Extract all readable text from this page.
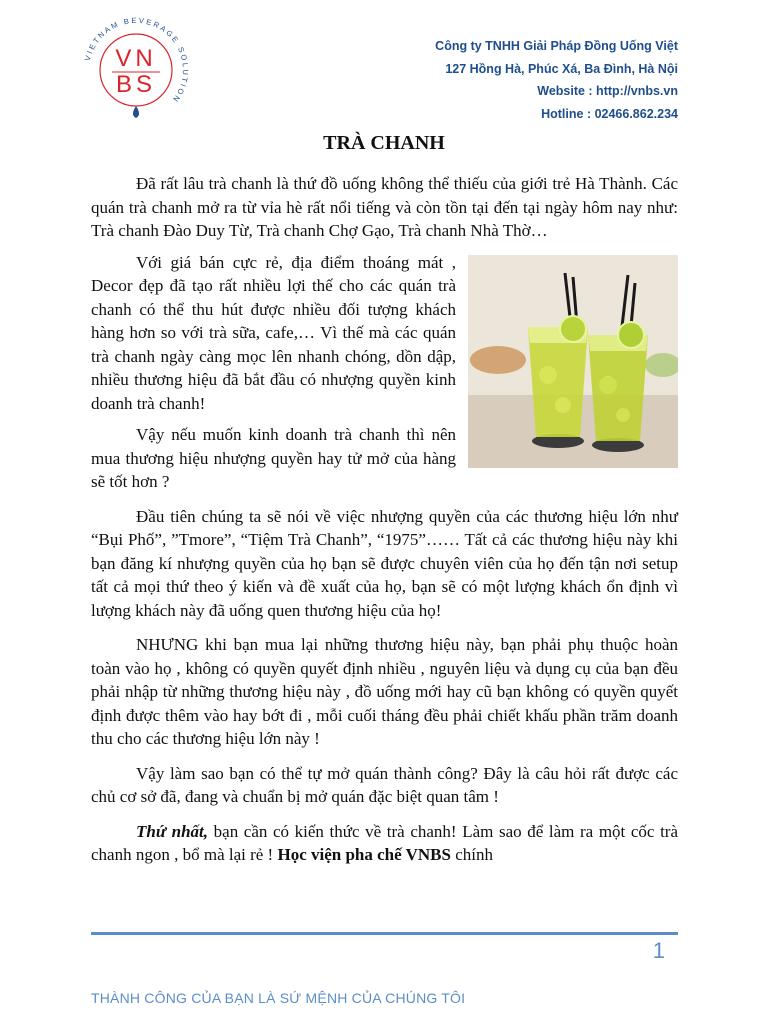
VIETNAM BEVERAGE SOLUTION
VN
BS
Công ty TNHH Giải Pháp Đồng Uống Việt
127 Hồng Hà, Phúc Xá, Ba Đình, Hà Nội
Website : http://vnbs.vn
Hotline : 02466.862.234
TRÀ CHANH

Đã rất lâu trà chanh là thứ đồ uống không thể thiếu của giới trẻ Hà Thành. Các quán trà chanh mở ra từ vỉa hè rất nổi tiếng và còn tồn tại đến tại ngày hôm nay như: Trà chanh Đào Duy Từ, Trà chanh Chợ Gạo, Trà chanh Nhà Thờ…

Với giá bán cực rẻ, địa điểm thoáng mát , Decor đẹp đã tạo rất nhiều lợi thế cho các quán trà chanh có thể thu hút được nhiều đối tượng khách hàng hơn so với trà sữa, cafe,… Vì thế mà các quán trà chanh ngày càng mọc lên nhanh chóng, dồn dập, nhiều thương hiệu đã bắt đầu có nhượng quyền kinh doanh trà chanh!

Vậy nếu muốn kinh doanh trà chanh thì nên mua thương hiệu nhượng quyền hay tử mở của hàng sẽ tốt hơn ?

Đầu tiên chúng ta sẽ nói về việc nhượng quyền của các thương hiệu lớn như “Bụi Phố”, ”Tmore”, “Tiệm Trà Chanh”, “1975”…… Tất cả các thương hiệu này khi bạn đăng kí nhượng quyền của họ bạn sẽ được chuyên viên của họ đến tận nơi setup tất cả mọi thứ theo ý kiến và đề xuất của họ, bạn sẽ có một lượng khách ổn định vì lượng khách này đã uống quen thương hiệu của họ!

NHƯNG khi bạn mua lại những thương hiệu này, bạn phải phụ thuộc hoàn toàn vào họ , không có quyền quyết định nhiều , nguyên liệu và dụng cụ của bạn đều phải nhập từ những thương hiệu này , đồ uống mới hay cũ bạn không có quyền quyết định được thêm vào hay bớt đi , mỗi cuối tháng đều phải chiết khấu phần trăm doanh thu cho các thương hiệu lớn này !

Vậy làm sao bạn có thể tự mở quán thành công? Đây là câu hỏi rất được các chủ cơ sở đã, đang và chuẩn bị mở quán đặc biệt quan tâm !

Thứ nhất, bạn cần có kiến thức về trà chanh! Làm sao để làm ra một cốc trà chanh ngon , bổ mà lại rẻ ! Học viện pha chế VNBS chính

1
THÀNH CÔNG CỦA BẠN LÀ SỨ MỆNH CỦA CHÚNG TÔI
